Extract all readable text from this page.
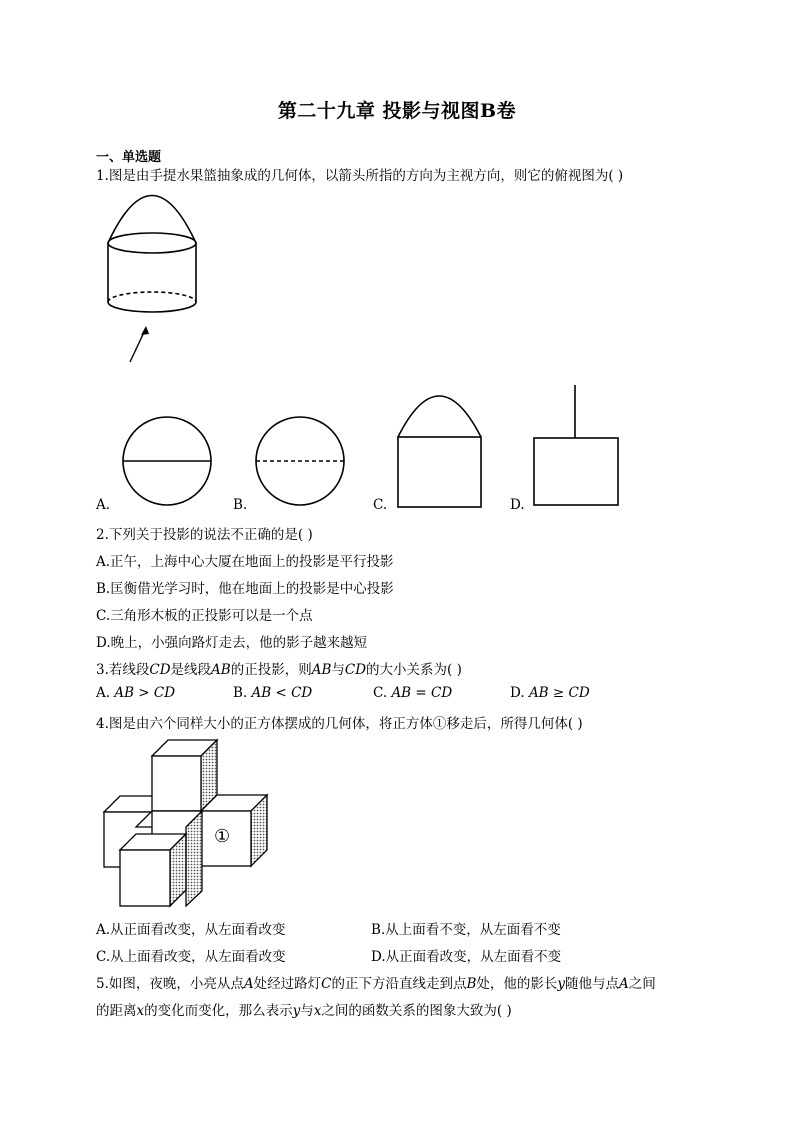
第二十九章 投影与视图B卷
一、单选题
1.图是由手提水果篮抽象成的几何体，以箭头所指的方向为主视方向，则它的俯视图为( )
A.	B.	C.	D.
2.下列关于投影的说法不正确的是( )
A.正午，上海中心大厦在地面上的投影是平行投影
B.匡衡借光学习时，他在地面上的投影是中心投影
C.三角形木板的正投影可以是一个点
D.晚上，小强向路灯走去，他的影子越来越短
3.若线段CD是线段AB的正投影，则AB与CD的大小关系为( )
A. AB > CD	B. AB < CD	C. AB = CD	D. AB ≥ CD
4.图是由六个同样大小的正方体摆成的几何体，将正方体①移走后，所得几何体( )
①
A.从正面看改变，从左面看改变	B.从上面看不变，从左面看不变
C.从上面看改变，从左面看改变	D.从正面看改变，从左面看不变
5.如图，夜晚，小亮从点A处经过路灯C的正下方沿直线走到点B处，他的影长y随他与点A之间
的距离x的变化而变化，那么表示y与x之间的函数关系的图象大致为( )
